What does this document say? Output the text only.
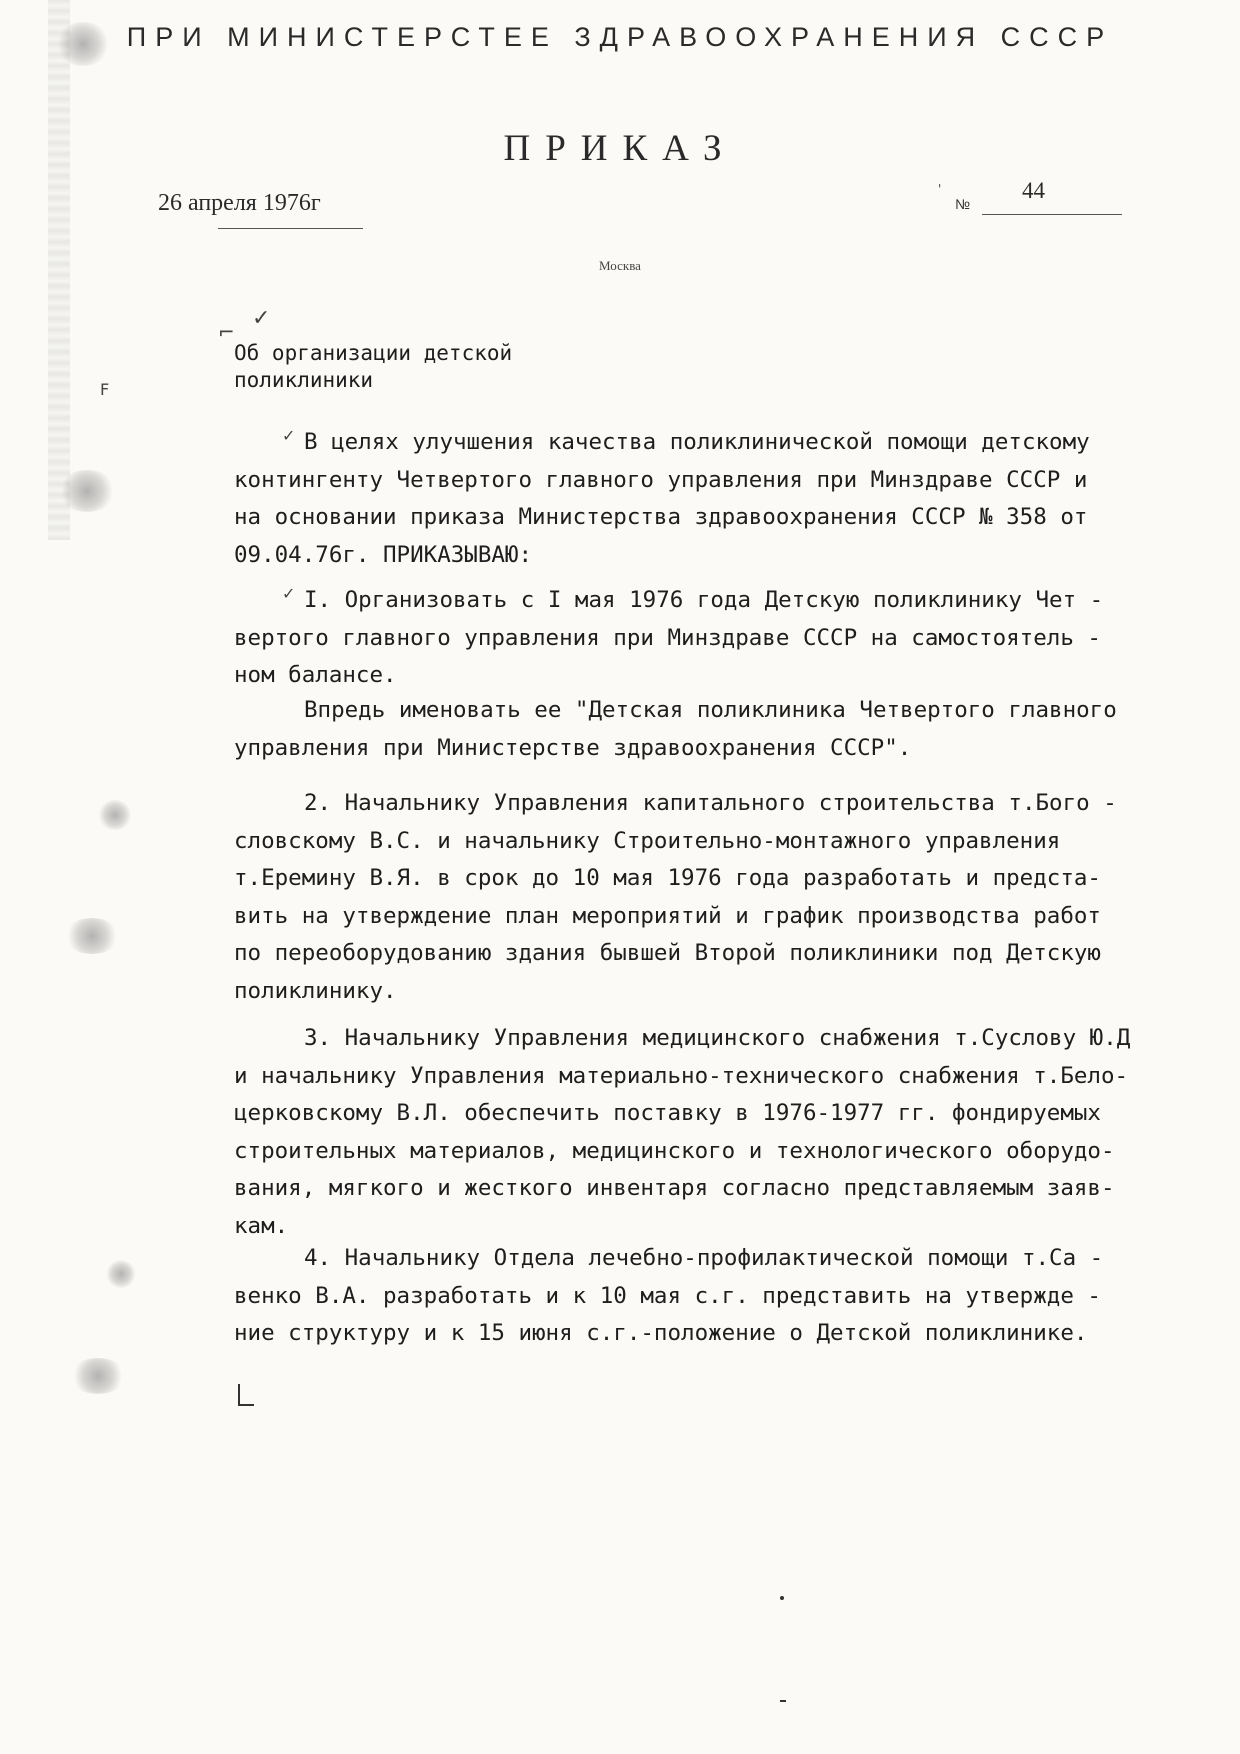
F
ПРИ МИНИСТЕРСТЕЕ ЗДРАВООХРАНЕНИЯ СССР
ПРИКАЗ
26 апреля 1976г
'
№
44
Москва
⌐
✓
Об организации детской
поликлиники
✓ В целях улучшения качества поликлинической помощи детскому
контингенту Четвертого главного управления при Минздраве СССР и
на основании приказа Министерства здравоохранения СССР № 358 от
09.04.76г. ПРИКАЗЫВАЮ:
✓ I. Организовать с I мая 1976 года Детскую поликлинику Чет -
вертого главного управления при Минздраве СССР на самостоятель -
ном балансе.
Впредь именовать ее "Детская поликлиника Четвертого главного
управления при Министерстве здравоохранения СССР".
2. Начальнику Управления капитального строительства т.Бого -
словскому В.С. и начальнику Строительно-монтажного управления
т.Еремину В.Я. в срок до 10 мая 1976 года разработать и предста-
вить на утверждение план мероприятий и график производства работ
по переоборудованию здания бывшей Второй поликлиники под Детскую
поликлинику.
3. Начальнику Управления медицинского снабжения т.Суслову Ю.Д
и начальнику Управления материально-технического снабжения т.Бело-
церковскому В.Л. обеспечить поставку в 1976-1977 гг. фондируемых
строительных материалов, медицинского и технологического оборудо-
вания, мягкого и жесткого инвентаря согласно представляемым заяв-
кам.
4. Начальнику Отдела лечебно-профилактической помощи т.Са -
венко В.А. разработать и к 10 мая с.г. представить на утвержде -
ние структуру и к 15 июня с.г.-положение о Детской поликлинике.
